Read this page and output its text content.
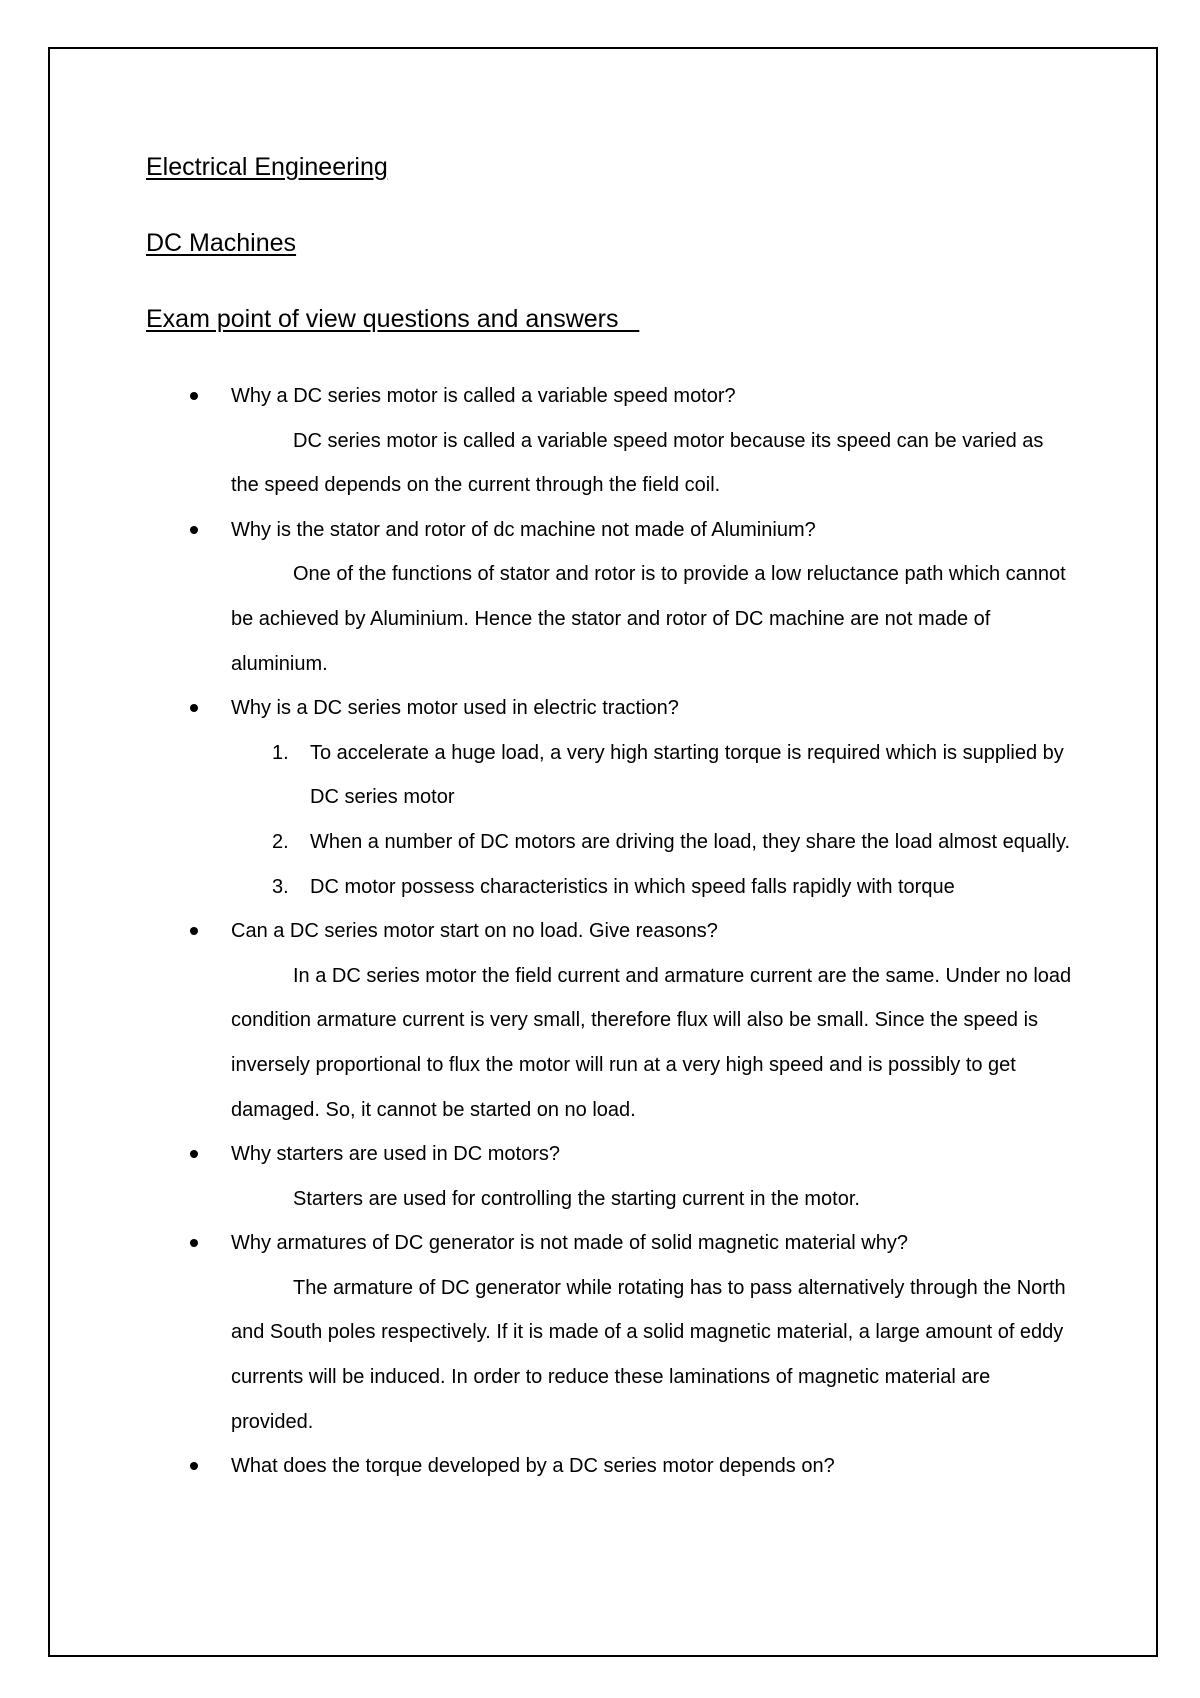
Electrical Engineering
DC Machines
Exam point of view questions and answers
Why a DC series motor is called a variable speed motor?
DC series motor is called a variable speed motor because its speed can be varied as the speed depends on the current through the field coil.
Why is the stator and rotor of dc machine not made of Aluminium?
One of the functions of stator and rotor is to provide a low reluctance path which cannot be achieved by Aluminium. Hence the stator and rotor of DC machine are not made of aluminium.
Why is a DC series motor used in electric traction?
1. To accelerate a huge load, a very high starting torque is required which is supplied by DC series motor
2. When a number of DC motors are driving the load, they share the load almost equally.
3. DC motor possess characteristics in which speed falls rapidly with torque
Can a DC series motor start on no load. Give reasons?
In a DC series motor the field current and armature current are the same. Under no load condition armature current is very small, therefore flux will also be small. Since the speed is inversely proportional to flux the motor will run at a very high speed and is possibly to get damaged. So, it cannot be started on no load.
Why starters are used in DC motors?
Starters are used for controlling the starting current in the motor.
Why armatures of DC generator is not made of solid magnetic material why?
The armature of DC generator while rotating has to pass alternatively through the North and South poles respectively. If it is made of a solid magnetic material, a large amount of eddy currents will be induced. In order to reduce these laminations of magnetic material are provided.
What does the torque developed by a DC series motor depends on?
